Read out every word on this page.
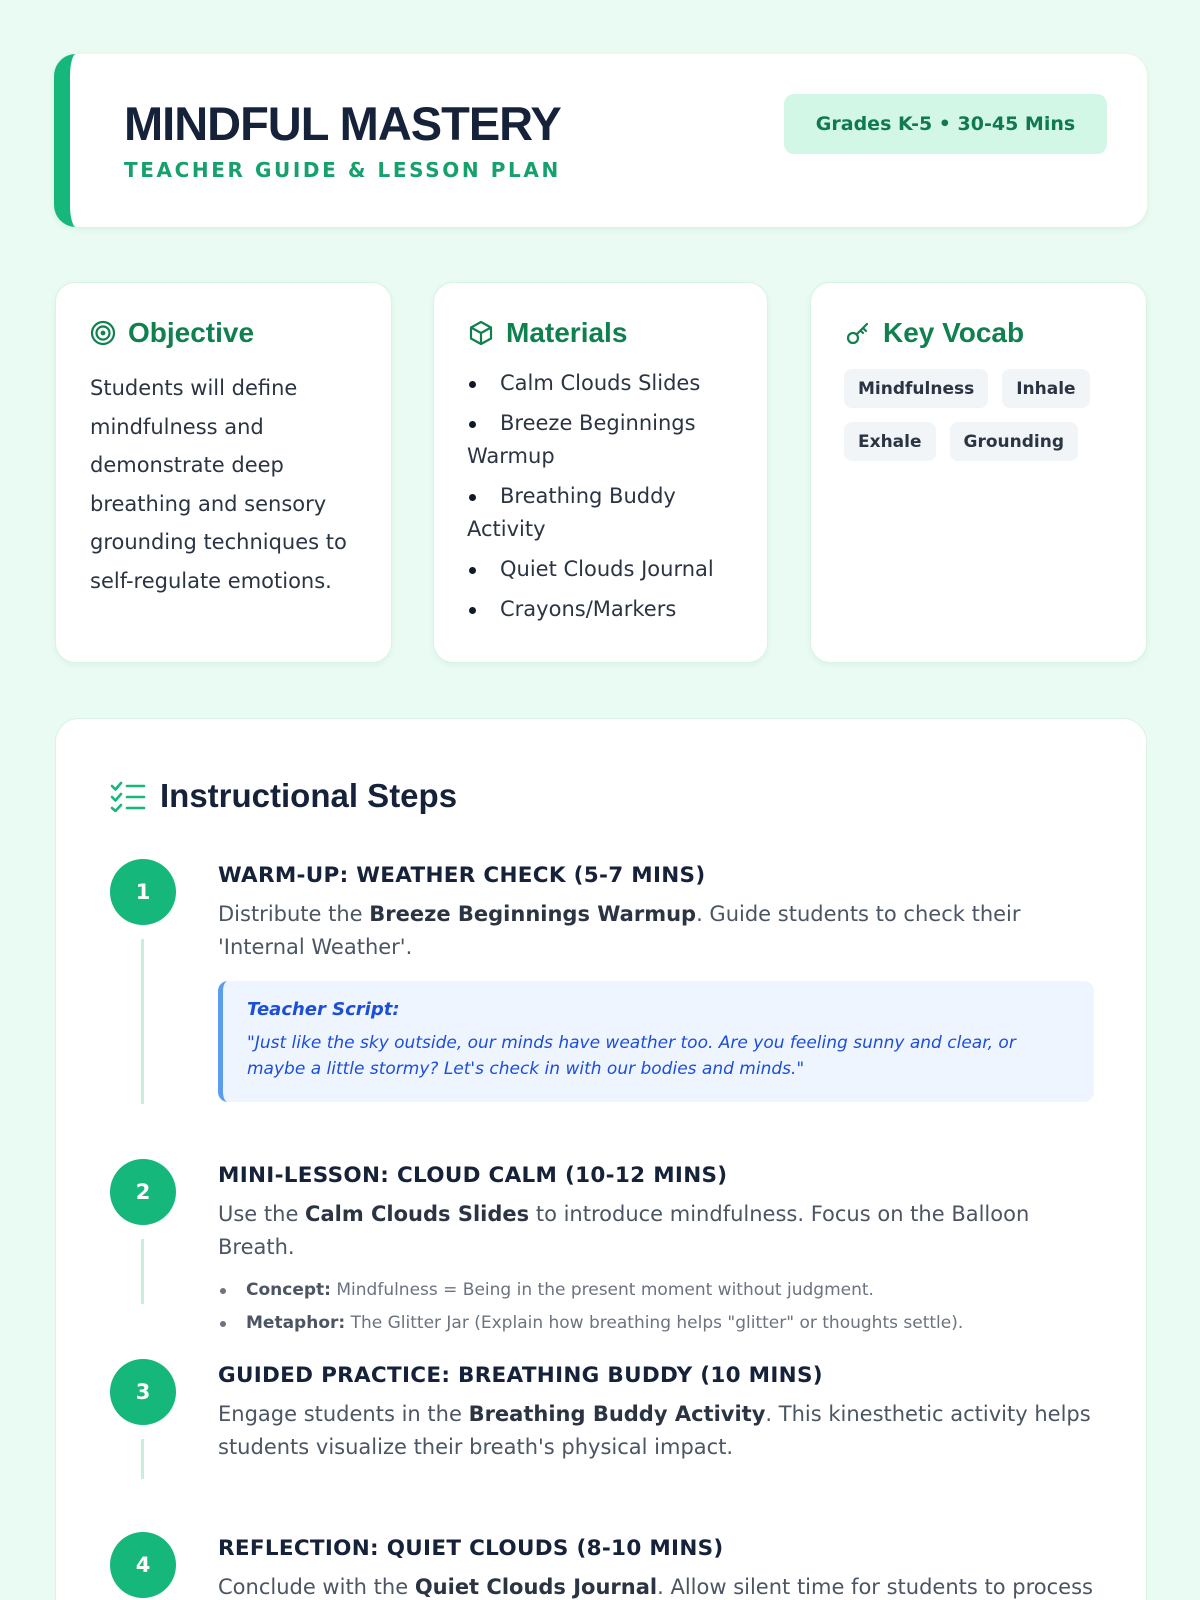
MINDFUL MASTERY
TEACHER GUIDE & LESSON PLAN
Grades K-5 • 30-45 Mins
Objective

Students will define mindfulness and demonstrate deep breathing and sensory grounding techniques to self-regulate emotions.

Materials
Calm Clouds Slides
Breeze Beginnings Warmup
Breathing Buddy Activity
Quiet Clouds Journal
Crayons/Markers
Key Vocab
Mindfulness	Inhale
Exhale	Grounding
Instructional Steps
1
WARM-UP: WEATHER CHECK (5-7 MINS)

Distribute the Breeze Beginnings Warmup. Guide students to check their 'Internal Weather'.

Teacher Script:
"Just like the sky outside, our minds have weather too. Are you feeling sunny and clear, or maybe a little stormy? Let's check in with our bodies and minds."
2
MINI-LESSON: CLOUD CALM (10-12 MINS)

Use the Calm Clouds Slides to introduce mindfulness. Focus on the Balloon Breath.

Concept: Mindfulness = Being in the present moment without judgment.
Metaphor: The Glitter Jar (Explain how breathing helps "glitter" or thoughts settle).
3
GUIDED PRACTICE: BREATHING BUDDY (10 MINS)

Engage students in the Breathing Buddy Activity. This kinesthetic activity helps students visualize their breath's physical impact.

4
REFLECTION: QUIET CLOUDS (8-10 MINS)

Conclude with the Quiet Clouds Journal. Allow silent time for students to process
